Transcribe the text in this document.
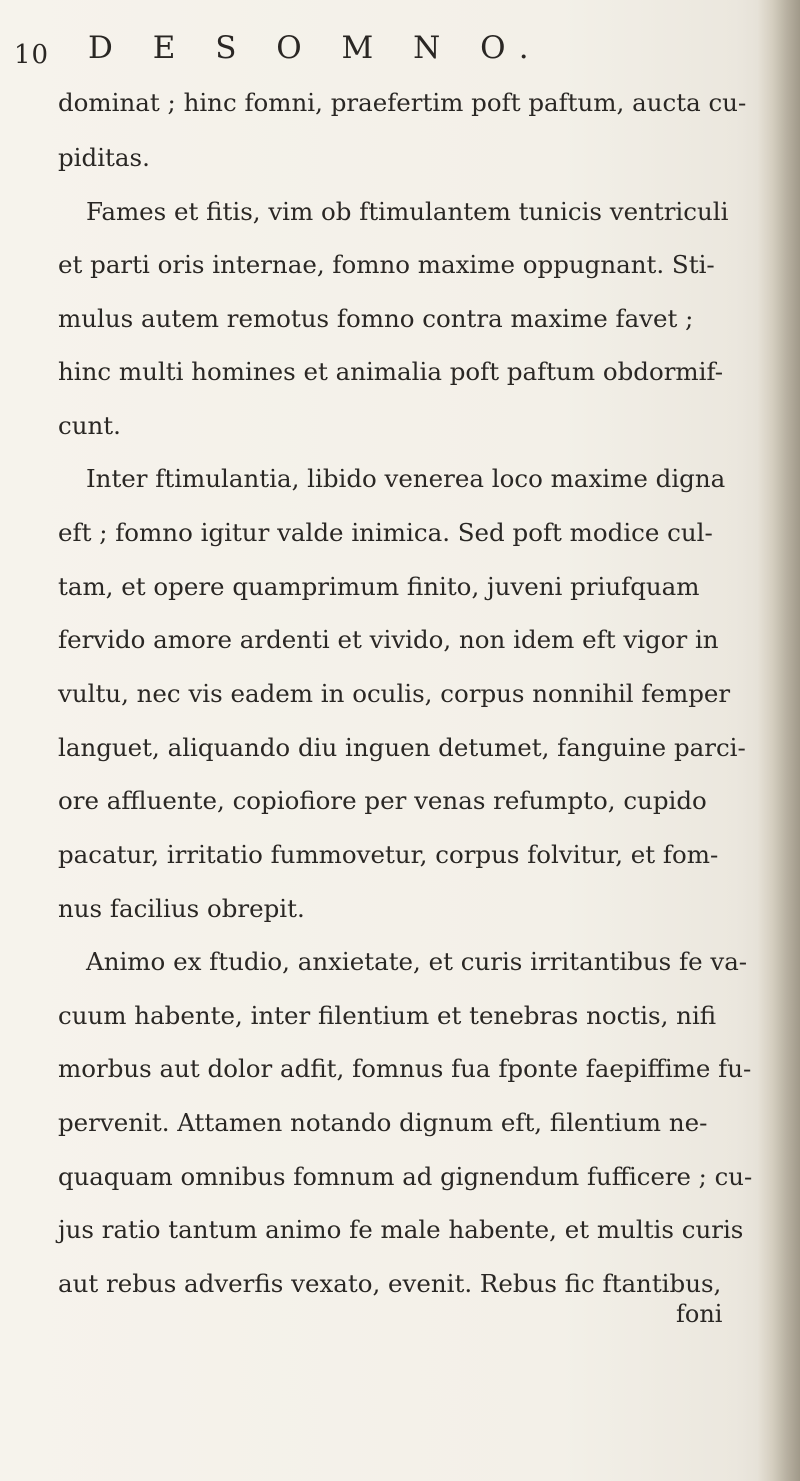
10 D E S O M N O.
dominat ; hinc fomni, praefertim poft paftum, aucta cu-
piditas.
Fames et fitis, vim ob ftimulantem tunicis ventriculi
et parti oris internae, fomno maxime oppugnant. Sti-
mulus autem remotus fomno contra maxime favet ;
hinc multi homines et animalia poft paftum obdormif-
cunt.
Inter ftimulantia, libido venerea loco maxime digna
eft ; fomno igitur valde inimica. Sed poft modice cul-
tam, et opere quamprimum finito, juveni priufquam
fervido amore ardenti et vivido, non idem eft vigor in
vultu, nec vis eadem in oculis, corpus nonnihil femper
languet, aliquando diu inguen detumet, fanguine parci-
ore affluente, copiofiore per venas refumpto, cupido
pacatur, irritatio fummovetur, corpus folvitur, et fom-
nus facilius obrepit.
Animo ex ftudio, anxietate, et curis irritantibus fe va-
cuum habente, inter filentium et tenebras noctis, nifi
morbus aut dolor adfit, fomnus fua fponte faepiffime fu-
pervenit. Attamen notando dignum eft, filentium ne-
quaquam omnibus fomnum ad gignendum fufficere ; cu-
jus ratio tantum animo fe male habente, et multis curis
aut rebus adverfis vexato, evenit. Rebus fic ftantibus,
foni
